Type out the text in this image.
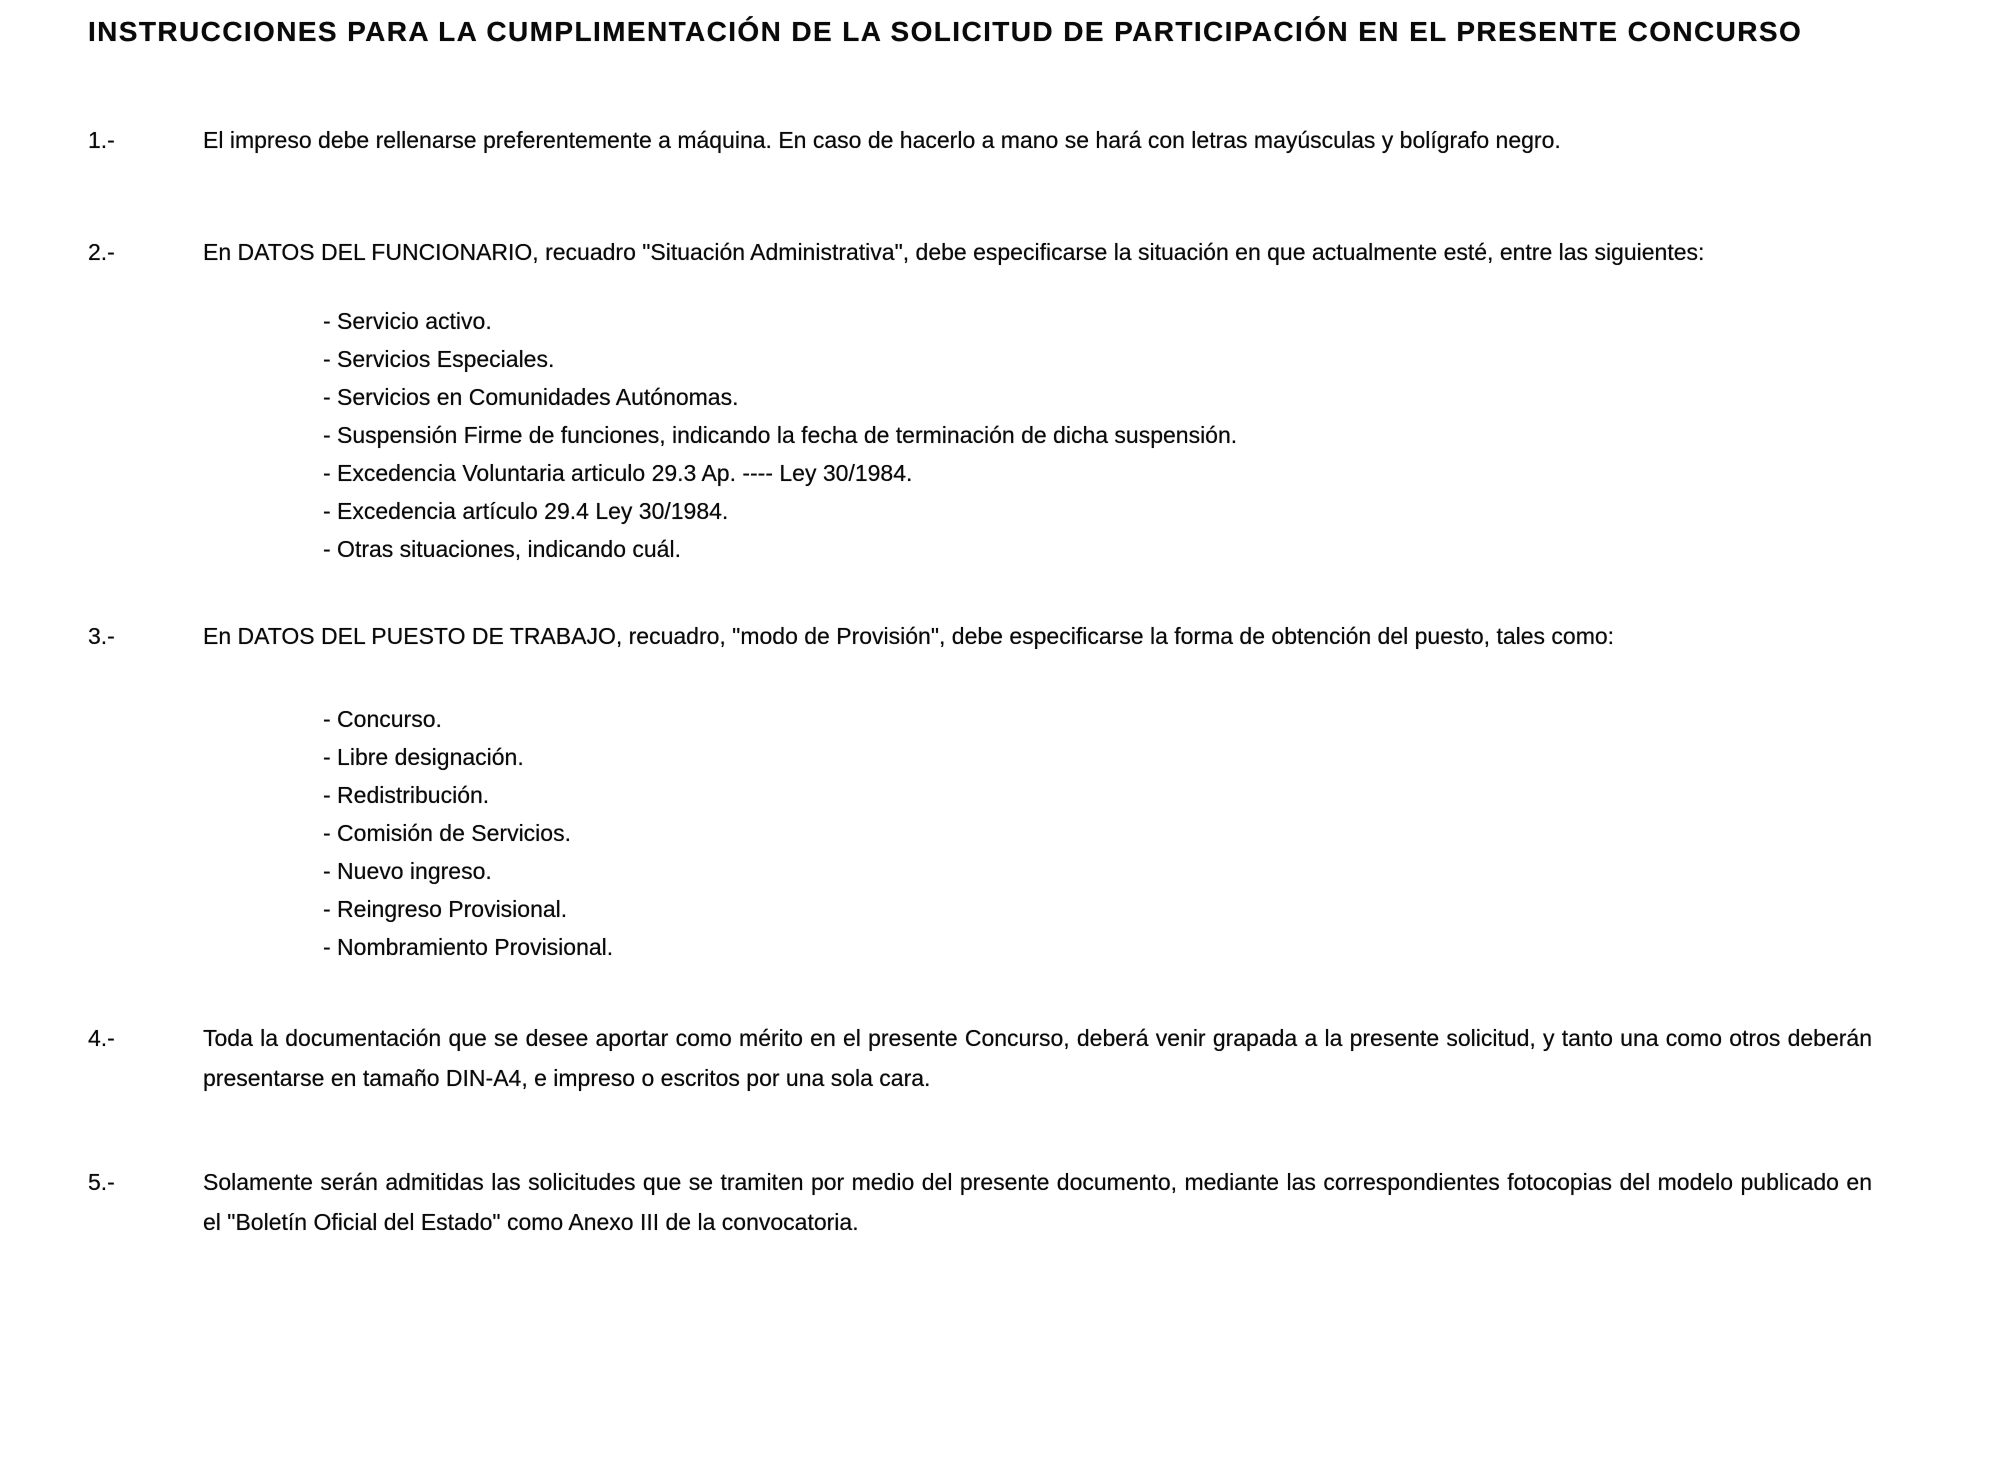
INSTRUCCIONES PARA LA CUMPLIMENTACIÓN DE LA SOLICITUD DE PARTICIPACIÓN EN EL PRESENTE CONCURSO
1.-	El impreso debe rellenarse preferentemente a máquina. En caso de hacerlo a mano se hará con letras mayúsculas y bolígrafo negro.

2.-	En DATOS DEL FUNCIONARIO, recuadro "Situación Administrativa", debe especificarse la situación en que actualmente esté, entre las siguientes:

- Servicio activo.
- Servicios Especiales.
- Servicios en Comunidades Autónomas.
- Suspensión Firme de funciones, indicando la fecha de terminación de dicha suspensión.
- Excedencia Voluntaria articulo 29.3 Ap. ---- Ley 30/1984.
- Excedencia artículo 29.4 Ley 30/1984.
- Otras situaciones, indicando cuál.
3.-	En DATOS DEL PUESTO DE TRABAJO, recuadro, "modo de Provisión", debe especificarse la forma de obtención del puesto, tales como:

- Concurso.
- Libre designación.
- Redistribución.
- Comisión de Servicios.
- Nuevo ingreso.
- Reingreso Provisional.
- Nombramiento Provisional.
4.-	Toda la documentación que se desee aportar como mérito en el presente Concurso, deberá venir grapada a la presente solicitud, y tanto una como otros deberán presentarse en tamaño DIN-A4, e impreso o escritos por una sola cara.

5.-	Solamente serán admitidas las solicitudes que se tramiten por medio del presente documento, mediante las correspondientes fotocopias del modelo publicado en el "Boletín Oficial del Estado" como Anexo III de la convocatoria.
